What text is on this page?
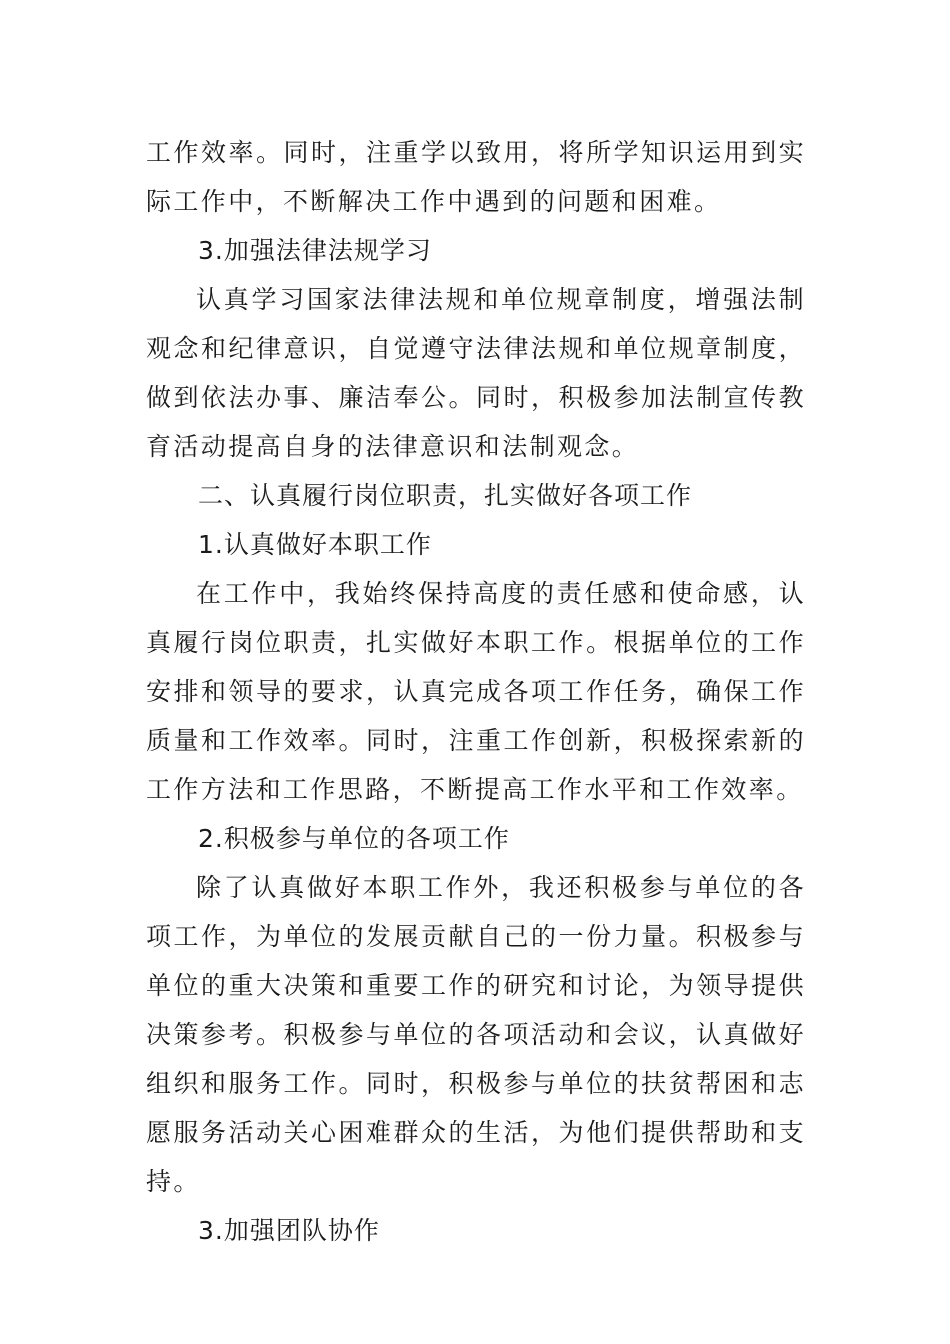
工作效率。同时，注重学以致用，将所学知识运用到实际工作中，不断解决工作中遇到的问题和困难。

3.加强法律法规学习

认真学习国家法律法规和单位规章制度，增强法制观念和纪律意识，自觉遵守法律法规和单位规章制度，做到依法办事、廉洁奉公。同时，积极参加法制宣传教育活动提高自身的法律意识和法制观念。

二、认真履行岗位职责，扎实做好各项工作

1.认真做好本职工作

在工作中，我始终保持高度的责任感和使命感，认真履行岗位职责，扎实做好本职工作。根据单位的工作安排和领导的要求，认真完成各项工作任务，确保工作质量和工作效率。同时，注重工作创新，积极探索新的工作方法和工作思路，不断提高工作水平和工作效率。

2.积极参与单位的各项工作

除了认真做好本职工作外，我还积极参与单位的各项工作，为单位的发展贡献自己的一份力量。积极参与单位的重大决策和重要工作的研究和讨论，为领导提供决策参考。积极参与单位的各项活动和会议，认真做好组织和服务工作。同时，积极参与单位的扶贫帮困和志愿服务活动关心困难群众的生活，为他们提供帮助和支持。

3.加强团队协作
